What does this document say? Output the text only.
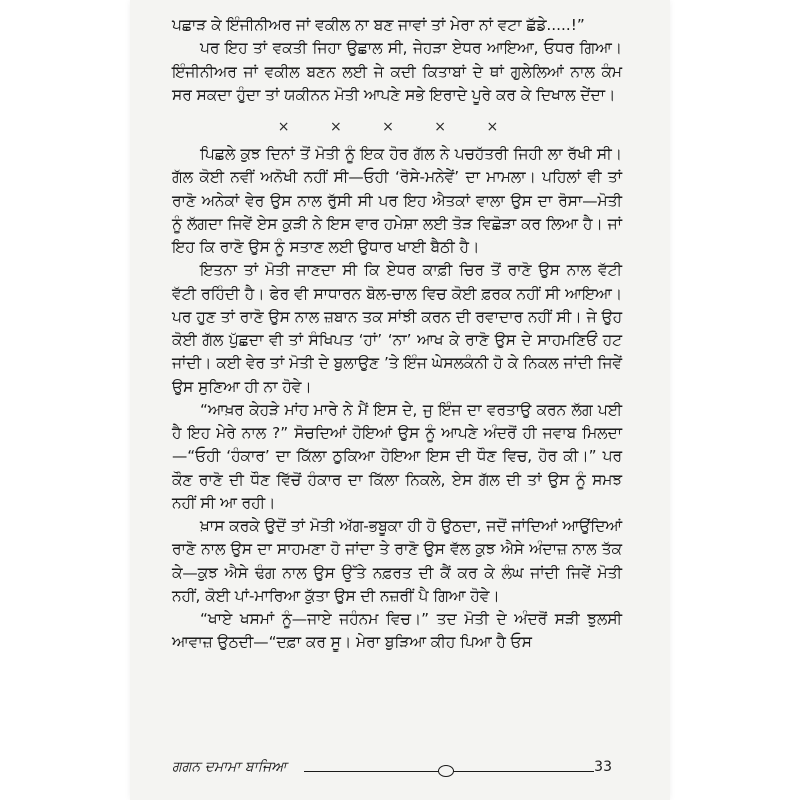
ਪਛਾੜ ਕੇ ਇੰਜੀਨੀਅਰ ਜਾਂ ਵਕੀਲ ਨਾ ਬਣ ਜਾਵਾਂ ਤਾਂ ਮੇਰਾ ਨਾਂ ਵਟਾ ਛੱਡੇ.....!”

ਪਰ ਇਹ ਤਾਂ ਵਕਤੀ ਜਿਹਾ ਉਛਾਲ ਸੀ, ਜੇਹੜਾ ਏਧਰ ਆਇਆ, ਓਧਰ ਗਿਆ। ਇੰਜੀਨੀਅਰ ਜਾਂ ਵਕੀਲ ਬਣਨ ਲਈ ਜੇ ਕਦੀ ਕਿਤਾਬਾਂ ਦੇ ਥਾਂ ਗੁਲੇਲਿਆਂ ਨਾਲ ਕੰਮ ਸਰ ਸਕਦਾ ਹੁੰਦਾ ਤਾਂ ਯਕੀਨਨ ਮੋਤੀ ਆਪਣੇ ਸਭੇ ਇਰਾਦੇ ਪੂਰੇ ਕਰ ਕੇ ਦਿਖਾਲ ਦੇਂਦਾ।

× × × × ×

ਪਿਛਲੇ ਕੁਝ ਦਿਨਾਂ ਤੋਂ ਮੋਤੀ ਨੂੰ ਇਕ ਹੋਰ ਗੱਲ ਨੇ ਪਚਹੱਤਰੀ ਜਿਹੀ ਲਾ ਰੱਖੀ ਸੀ। ਗੱਲ ਕੋਈ ਨਵੀਂ ਅਨੋਖੀ ਨਹੀਂ ਸੀ—ਓਹੀ ‘ਰੋਸੇ-ਮਨੇਵੇਂ’ ਦਾ ਮਾਮਲਾ। ਪਹਿਲਾਂ ਵੀ ਤਾਂ ਰਾਣੋ ਅਨੇਕਾਂ ਵੇਰ ਉਸ ਨਾਲ ਰੁੱਸੀ ਸੀ ਪਰ ਇਹ ਐਤਕਾਂ ਵਾਲਾ ਉਸ ਦਾ ਰੋਸਾ—ਮੋਤੀ ਨੂੰ ਲੱਗਦਾ ਜਿਵੇਂ ਏਸ ਕੁੜੀ ਨੇ ਇਸ ਵਾਰ ਹਮੇਸ਼ਾ ਲਈ ਤੋੜ ਵਿਛੋੜਾ ਕਰ ਲਿਆ ਹੈ। ਜਾਂ ਇਹ ਕਿ ਰਾਣੋ ਉਸ ਨੂੰ ਸਤਾਣ ਲਈ ਉਧਾਰ ਖਾਈ ਬੈਠੀ ਹੈ।

ਇਤਨਾ ਤਾਂ ਮੋਤੀ ਜਾਣਦਾ ਸੀ ਕਿ ਏਧਰ ਕਾਫ਼ੀ ਚਿਰ ਤੋਂ ਰਾਣੋ ਉਸ ਨਾਲ ਵੱਟੀ ਵੱਟੀ ਰਹਿੰਦੀ ਹੈ। ਫੇਰ ਵੀ ਸਾਧਾਰਨ ਬੋਲ-ਚਾਲ ਵਿਚ ਕੋਈ ਫ਼ਰਕ ਨਹੀਂ ਸੀ ਆਇਆ। ਪਰ ਹੁਣ ਤਾਂ ਰਾਣੋ ਉਸ ਨਾਲ ਜ਼ਬਾਨ ਤਕ ਸਾਂਝੀ ਕਰਨ ਦੀ ਰਵਾਦਾਰ ਨਹੀਂ ਸੀ। ਜੇ ਉਹ ਕੋਈ ਗੱਲ ਪੁੱਛਦਾ ਵੀ ਤਾਂ ਸੰਖਿਪਤ ‘ਹਾਂ’ ‘ਨਾ’ ਆਖ ਕੇ ਰਾਣੋ ਉਸ ਦੇ ਸਾਹਮਣਿਓਂ ਹਟ ਜਾਂਦੀ। ਕਈ ਵੇਰ ਤਾਂ ਮੋਤੀ ਦੇ ਬੁਲਾਉਣ ’ਤੇ ਇੰਜ ਘੇਸਲਕੰਨੀ ਹੋ ਕੇ ਨਿਕਲ ਜਾਂਦੀ ਜਿਵੇਂ ਉਸ ਸੁਣਿਆ ਹੀ ਨਾ ਹੋਵੇ।

“ਆਖ਼ਰ ਕੇਹੜੇ ਮਾਂਹ ਮਾਰੇ ਨੇ ਮੈਂ ਇਸ ਦੇ, ਜੁ ਇੰਜ ਦਾ ਵਰਤਾਉ ਕਰਨ ਲੱਗ ਪਈ ਹੈ ਇਹ ਮੇਰੇ ਨਾਲ ?” ਸੋਚਦਿਆਂ ਹੋਇਆਂ ਉਸ ਨੂੰ ਆਪਣੇ ਅੰਦਰੋਂ ਹੀ ਜਵਾਬ ਮਿਲਦਾ—“ਓਹੀ ‘ਹੰਕਾਰ’ ਦਾ ਕਿੱਲਾ ਠੁਕਿਆ ਹੋਇਆ ਇਸ ਦੀ ਧੌਣ ਵਿਚ, ਹੋਰ ਕੀ।” ਪਰ ਕੌਣ ਰਾਣੋ ਦੀ ਧੌਣ ਵਿੱਚੋਂ ਹੰਕਾਰ ਦਾ ਕਿੱਲਾ ਨਿਕਲੇ, ਏਸ ਗੱਲ ਦੀ ਤਾਂ ਉਸ ਨੂੰ ਸਮਝ ਨਹੀਂ ਸੀ ਆ ਰਹੀ।

ਖ਼ਾਸ ਕਰਕੇ ਉਦੋਂ ਤਾਂ ਮੋਤੀ ਅੱਗ-ਭਬੂਕਾ ਹੀ ਹੋ ਉਠਦਾ, ਜਦੋਂ ਜਾਂਦਿਆਂ ਆਉਂਦਿਆਂ ਰਾਣੋ ਨਾਲ ਉਸ ਦਾ ਸਾਹਮਣਾ ਹੋ ਜਾਂਦਾ ਤੇ ਰਾਣੋ ਉਸ ਵੱਲ ਕੁਝ ਐਸੇ ਅੰਦਾਜ਼ ਨਾਲ ਤੱਕ ਕੇ—ਕੁਝ ਐਸੇ ਢੰਗ ਨਾਲ ਉਸ ਉੱਤੇ ਨਫ਼ਰਤ ਦੀ ਕੈਂ ਕਰ ਕੇ ਲੰਘ ਜਾਂਦੀ ਜਿਵੇਂ ਮੋਤੀ ਨਹੀਂ, ਕੋਈ ਪਾਂ-ਮਾਰਿਆ ਕੁੱਤਾ ਉਸ ਦੀ ਨਜ਼ਰੀਂ ਪੈ ਗਿਆ ਹੋਵੇ।

“ਖਾਏ ਖਸਮਾਂ ਨੂੰ—ਜਾਏ ਜਹੰਨਮ ਵਿਚ।” ਤਦ ਮੋਤੀ ਦੇ ਅੰਦਰੋਂ ਸੜੀ ਝੁਲਸੀ ਆਵਾਜ਼ ਉਠਦੀ—“ਦਫ਼ਾ ਕਰ ਸੂ। ਮੇਰਾ ਬੁੜਿਆ ਕੀਹ ਪਿਆ ਹੈ ਓਸ

ਗਗਨ ਦਮਾਮਾ ਬਾਜਿਆ	33
